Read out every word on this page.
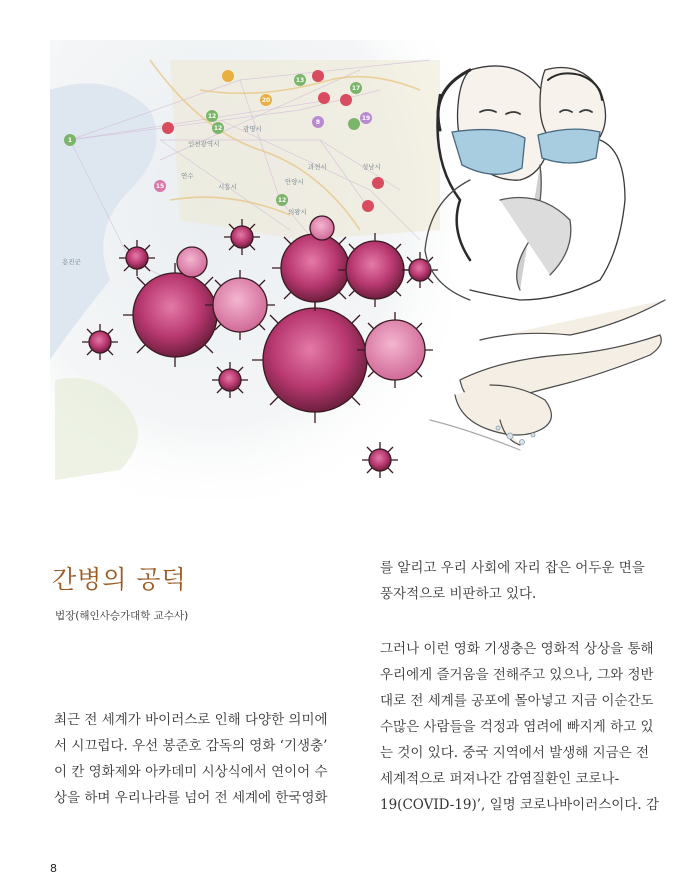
인천광역시
광명시
과천시
안양시
시흥시
의왕시
성남시
옹진군
연수
1
12
12
13
15
17
19
20
8
12
간병의 공덕
법장(해인사승가대학 교수사)

최근 전 세계가 바이러스로 인해 다양한 의미에

서 시끄럽다. 우선 봉준호 감독의 영화 ‘기생충’

이 칸 영화제와 아카데미 시상식에서 연이어 수

상을 하며 우리나라를 넘어 전 세계에 한국영화

를 알리고 우리 사회에 자리 잡은 어두운 면을

풍자적으로 비판하고 있다.

그러나 이런 영화 기생충은 영화적 상상을 통해

우리에게 즐거움을 전해주고 있으나, 그와 정반

대로 전 세계를 공포에 몰아넣고 지금 이순간도

수많은 사람들을 걱정과 염려에 빠지게 하고 있

는 것이 있다. 중국 지역에서 발생해 지금은 전

세계적으로 퍼져나간 감염질환인 코로나-

19(COVID-19)’, 일명 코로나바이러스이다. 감

8
